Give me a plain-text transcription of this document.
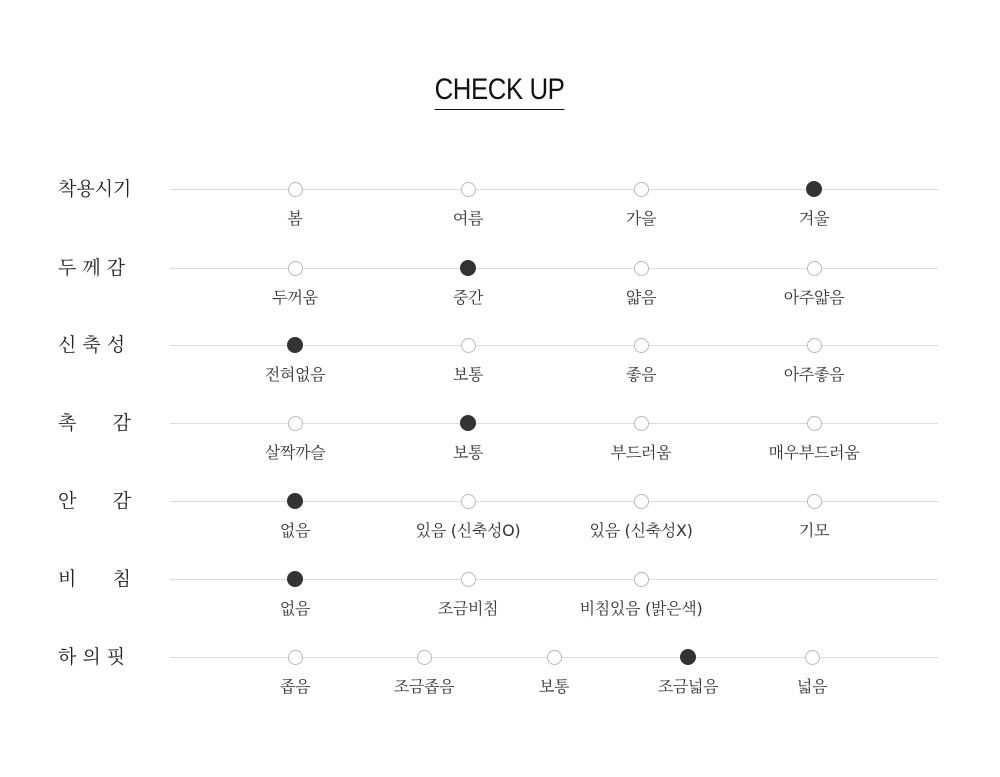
CHECK UP
착용시기
봄	여름	가을	겨울
두 께 감
두꺼움	중간	얇음	아주얇음
신 축 성
전혀없음	보통	좋음	아주좋음
촉      감
살짝까슬	보통	부드러움	매우부드러움
안      감
없음	있음 (신축성O)	있음 (신축성X)	기모
비      침
없음	조금비침	비침있음 (밝은색)
하 의 핏
좁음	조금좁음	보통	조금넓음	넓음
